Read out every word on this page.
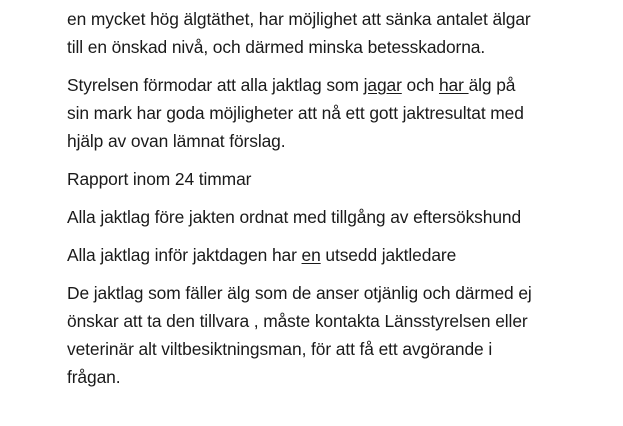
en mycket hög älgtäthet, har möjlighet att sänka antalet älgar
till en önskad nivå, och därmed minska betesskadorna.

Styrelsen förmodar att alla jaktlag som jagar och har älg på
sin mark har goda möjligheter att nå ett gott jaktresultat med
hjälp av ovan lämnat förslag.

Rapport inom 24 timmar

Alla jaktlag före jakten ordnat med tillgång av eftersökshund

Alla jaktlag inför jaktdagen har en utsedd jaktledare

De jaktlag som fäller älg som de anser otjänlig och därmed ej
önskar att ta den tillvara , måste kontakta Länsstyrelsen eller
veterinär alt viltbesiktningsman, för att få ett avgörande i
frågan.
